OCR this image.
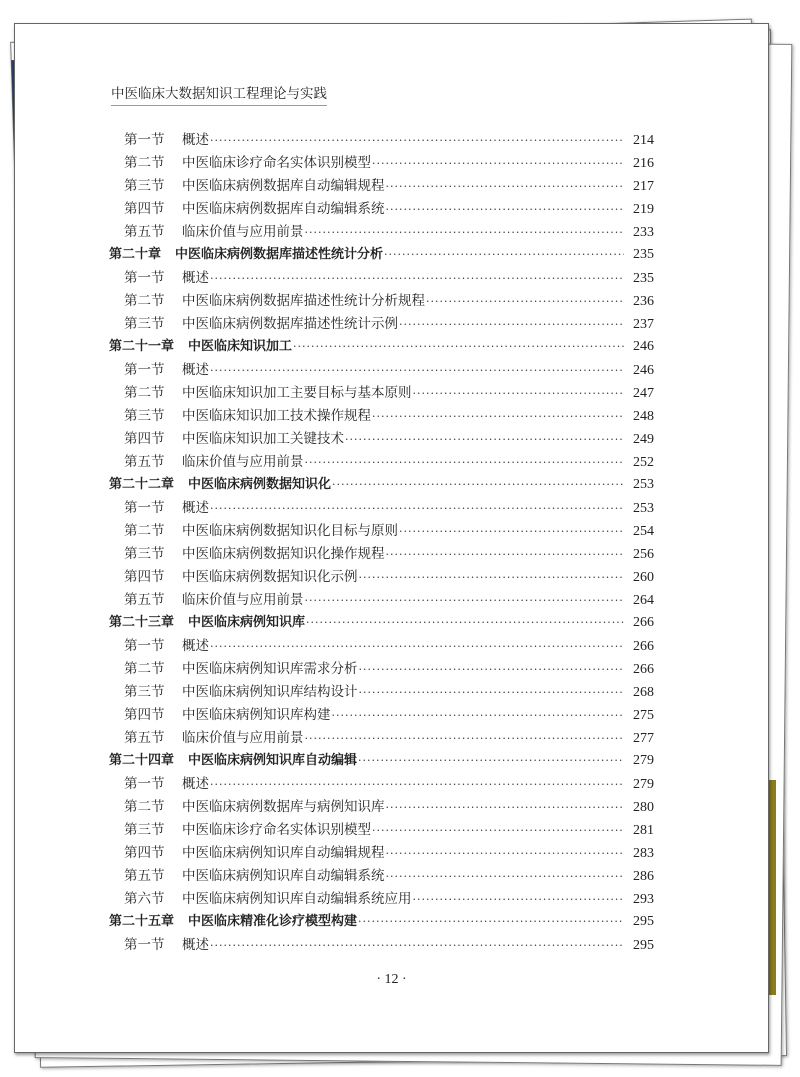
中医临床大数据知识工程理论与实践
第一节	概述 ·····	214
第二节	中医临床诊疗命名实体识别模型 ·····	216
第三节	中医临床病例数据库自动编辑规程 ·····	217
第四节	中医临床病例数据库自动编辑系统 ·····	219
第五节	临床价值与应用前景 ·····	233
第二十章 中医临床病例数据库描述性统计分析 ·····	235
第一节	概述 ·····	235
第二节	中医临床病例数据库描述性统计分析规程 ·····	236
第三节	中医临床病例数据库描述性统计示例 ·····	237
第二十一章 中医临床知识加工 ·····	246
第一节	概述 ·····	246
第二节	中医临床知识加工主要目标与基本原则 ·····	247
第三节	中医临床知识加工技术操作规程 ·····	248
第四节	中医临床知识加工关键技术 ·····	249
第五节	临床价值与应用前景 ·····	252
第二十二章 中医临床病例数据知识化 ·····	253
第一节	概述 ·····	253
第二节	中医临床病例数据知识化目标与原则 ·····	254
第三节	中医临床病例数据知识化操作规程 ·····	256
第四节	中医临床病例数据知识化示例 ·····	260
第五节	临床价值与应用前景 ·····	264
第二十三章 中医临床病例知识库 ·····	266
第一节	概述 ·····	266
第二节	中医临床病例知识库需求分析 ·····	266
第三节	中医临床病例知识库结构设计 ·····	268
第四节	中医临床病例知识库构建 ·····	275
第五节	临床价值与应用前景 ·····	277
第二十四章 中医临床病例知识库自动编辑 ·····	279
第一节	概述 ·····	279
第二节	中医临床病例数据库与病例知识库 ·····	280
第三节	中医临床诊疗命名实体识别模型 ·····	281
第四节	中医临床病例知识库自动编辑规程 ·····	283
第五节	中医临床病例知识库自动编辑系统 ·····	286
第六节	中医临床病例知识库自动编辑系统应用 ·····	293
第二十五章 中医临床精准化诊疗模型构建 ·····	295
第一节	概述 ·····	295
· 12 ·
